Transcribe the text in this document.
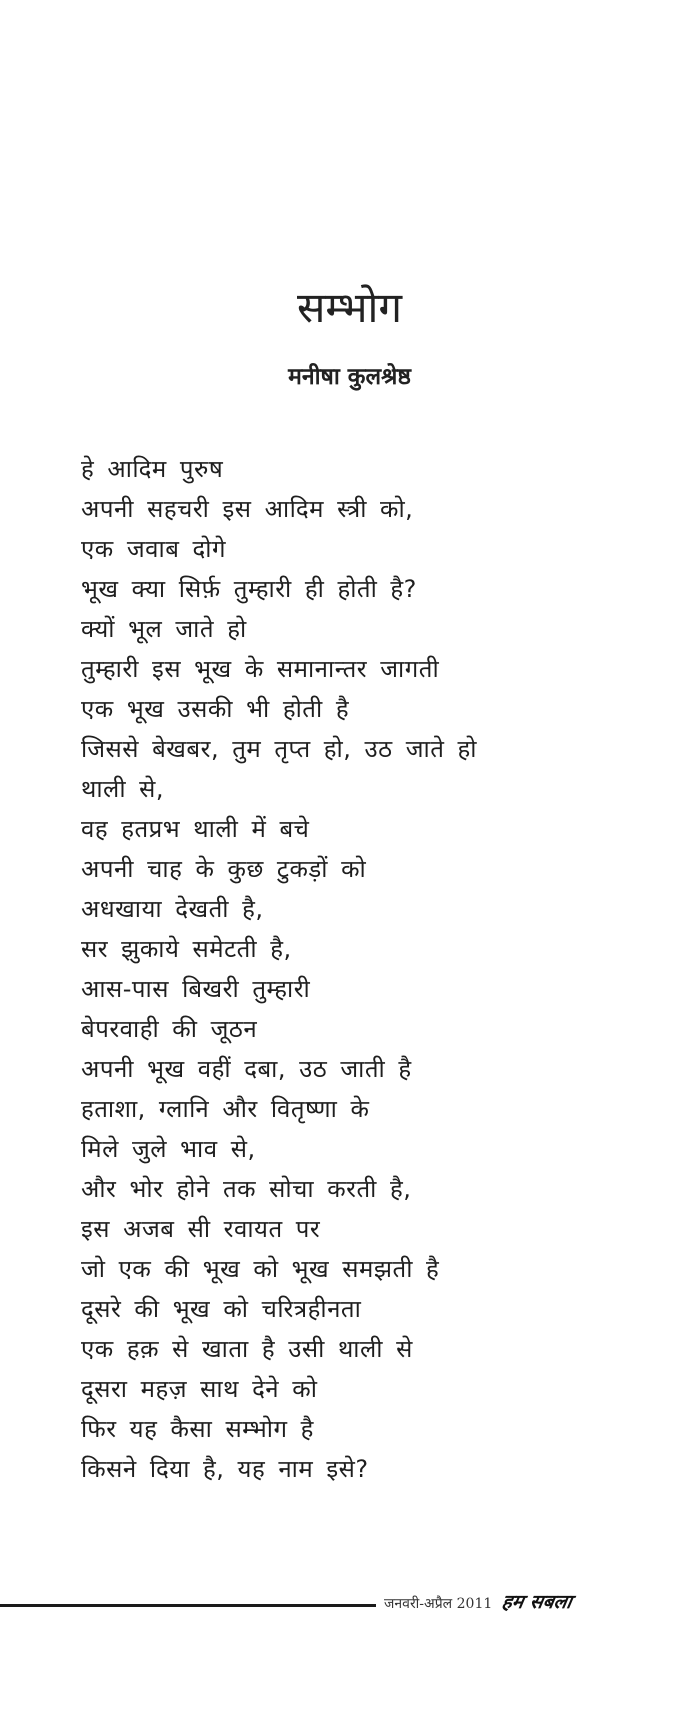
सम्भोग
मनीषा कुलश्रेष्ठ
हे आदिम पुरुष
अपनी सहचरी इस आदिम स्त्री को,
एक जवाब दोगे
भूख क्या सिर्फ़ तुम्हारी ही होती है?
क्यों भूल जाते हो
तुम्हारी इस भूख के समानान्तर जागती
एक भूख उसकी भी होती है
जिससे बेखबर, तुम तृप्त हो, उठ जाते हो
थाली से,
वह हतप्रभ थाली में बचे
अपनी चाह के कुछ टुकड़ों को
अधखाया देखती है,
सर झुकाये समेटती है,
आस-पास बिखरी तुम्हारी
बेपरवाही की जूठन
अपनी भूख वहीं दबा, उठ जाती है
हताशा, ग्लानि और वितृष्णा के
मिले जुले भाव से,
और भोर होने तक सोचा करती है,
इस अजब सी रवायत पर
जो एक की भूख को भूख समझती है
दूसरे की भूख को चरित्रहीनता
एक हक़ से खाता है उसी थाली से
दूसरा महज़ साथ देने को
फिर यह कैसा सम्भोग है
किसने दिया है, यह नाम इसे?
जनवरी-अप्रैल 2011 हम सबला
